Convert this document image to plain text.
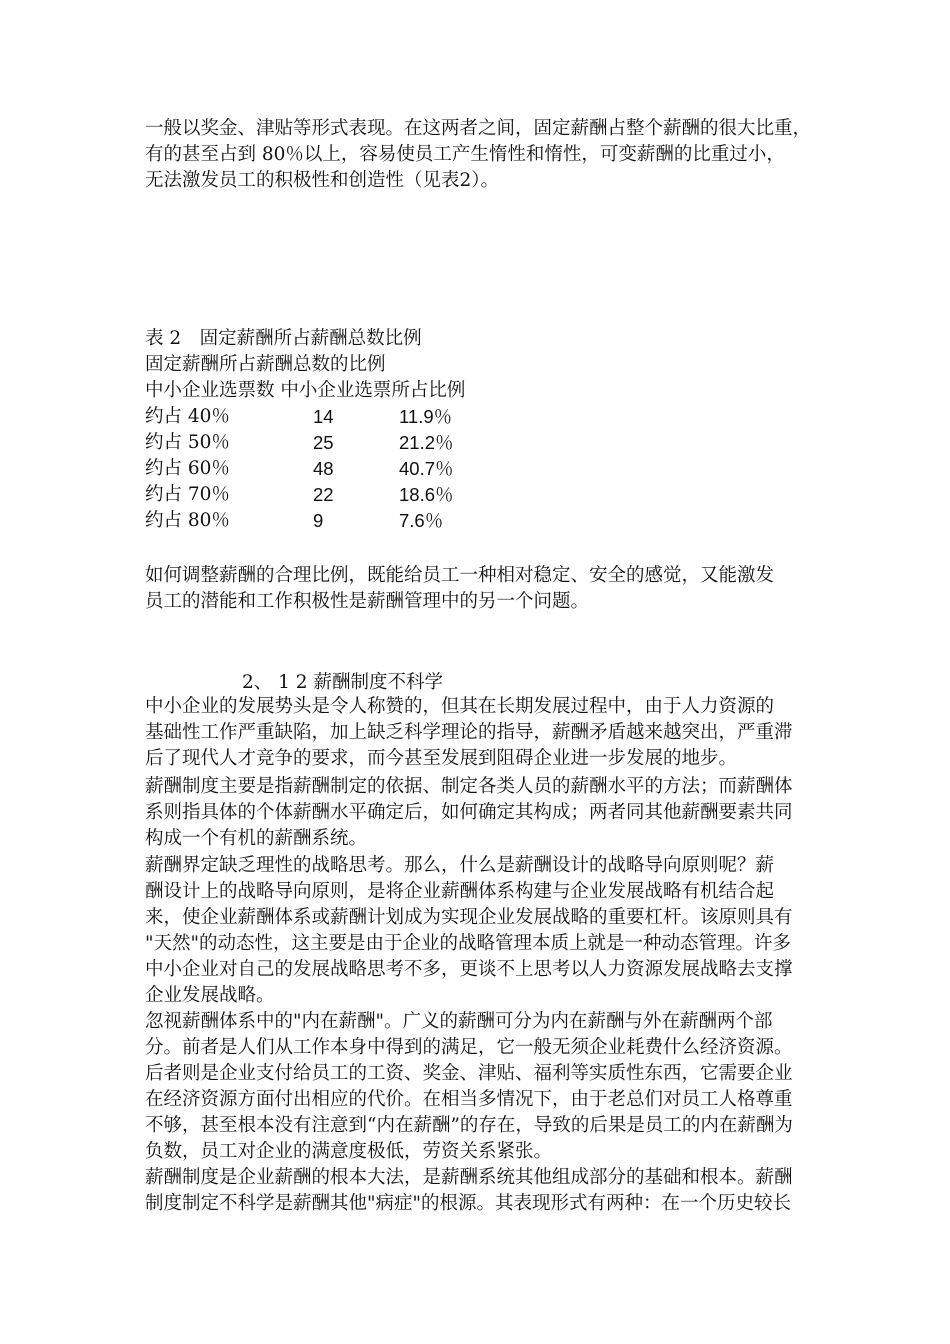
一般以奖金、津贴等形式表现。在这两者之间，固定薪酬占整个薪酬的很大比重，
有的甚至占到 80％以上，容易使员工产生惰性和惰性，可变薪酬的比重过小，
无法激发员工的积极性和创造性（见表2）。

表 2　固定薪酬所占薪酬总数比例
固定薪酬所占薪酬总数的比例
中小企业选票数 中小企业选票所占比例
约占 40％	14	11.9％
约占 50％	25	21.2％
约占 60％	48	40.7％
约占 70％	22	18.6％
约占 80％	9	7.6％

如何调整薪酬的合理比例，既能给员工一种相对稳定、安全的感觉，又能激发
员工的潜能和工作积极性是薪酬管理中的另一个问题。

2、 1 2 薪酬制度不科学

中小企业的发展势头是令人称赞的，但其在长期发展过程中，由于人力资源的
基础性工作严重缺陷，加上缺乏科学理论的指导，薪酬矛盾越来越突出，严重滞
后了现代人才竞争的要求，而今甚至发展到阻碍企业进一步发展的地步。

薪酬制度主要是指薪酬制定的依据、制定各类人员的薪酬水平的方法；而薪酬体
系则指具体的个体薪酬水平确定后，如何确定其构成；两者同其他薪酬要素共同
构成一个有机的薪酬系统。

薪酬界定缺乏理性的战略思考。那么，什么是薪酬设计的战略导向原则呢？薪
酬设计上的战略导向原则，是将企业薪酬体系构建与企业发展战略有机结合起
来，使企业薪酬体系或薪酬计划成为实现企业发展战略的重要杠杆。该原则具有
"天然"的动态性，这主要是由于企业的战略管理本质上就是一种动态管理。许多
中小企业对自己的发展战略思考不多，更谈不上思考以人力资源发展战略去支撑
企业发展战略。

忽视薪酬体系中的"内在薪酬"。广义的薪酬可分为内在薪酬与外在薪酬两个部
分。前者是人们从工作本身中得到的满足，它一般无须企业耗费什么经济资源。
后者则是企业支付给员工的工资、奖金、津贴、福利等实质性东西，它需要企业
在经济资源方面付出相应的代价。在相当多情况下，由于老总们对员工人格尊重
不够，甚至根本没有注意到“内在薪酬”的存在，导致的后果是员工的内在薪酬为
负数，员工对企业的满意度极低，劳资关系紧张。

薪酬制度是企业薪酬的根本大法，是薪酬系统其他组成部分的基础和根本。薪酬
制度制定不科学是薪酬其他"病症"的根源。其表现形式有两种：在一个历史较长
